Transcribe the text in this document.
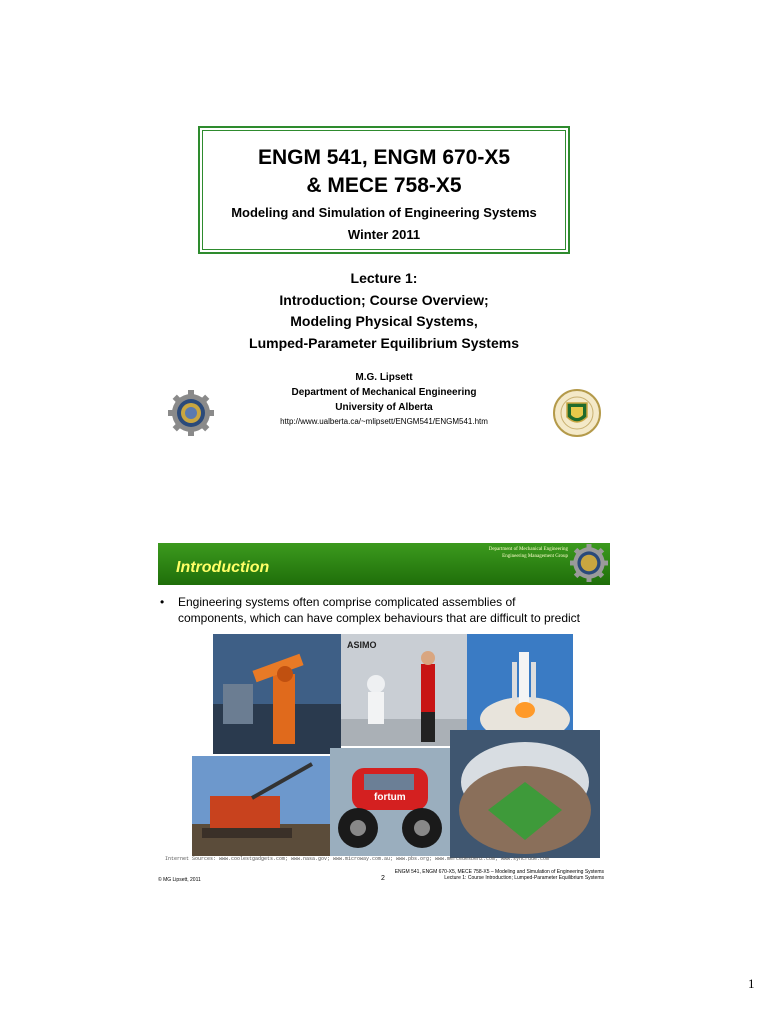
ENGM 541, ENGM 670-X5
& MECE 758-X5
Modeling and Simulation of Engineering Systems
Winter 2011
Lecture 1:
Introduction; Course Overview;
Modeling Physical Systems,
Lumped-Parameter Equilibrium Systems
M.G. Lipsett
Department of Mechanical Engineering
University of Alberta
http://www.ualberta.ca/~mlipsett/ENGM541/ENGM541.htm
Introduction
Department of Mechanical Engineering
Engineering Management Group
• Engineering systems often comprise complicated assemblies of
components, which can have complex behaviours that are difficult to predict
ASIMO
fortum
Internet Sources: www.coolestgadgets.com; www.nasa.gov; www.microway.com.au; www.pbs.org; www.mercedesbenz.com; www.syncrude.com
© MG Lipsett, 2011	2
ENGM 541, ENGM 670-X5, MECE 758-X5 – Modeling and Simulation of Engineering Systems
Lecture 1: Course Introduction; Lumped-Parameter Equilibrium Systems
1
